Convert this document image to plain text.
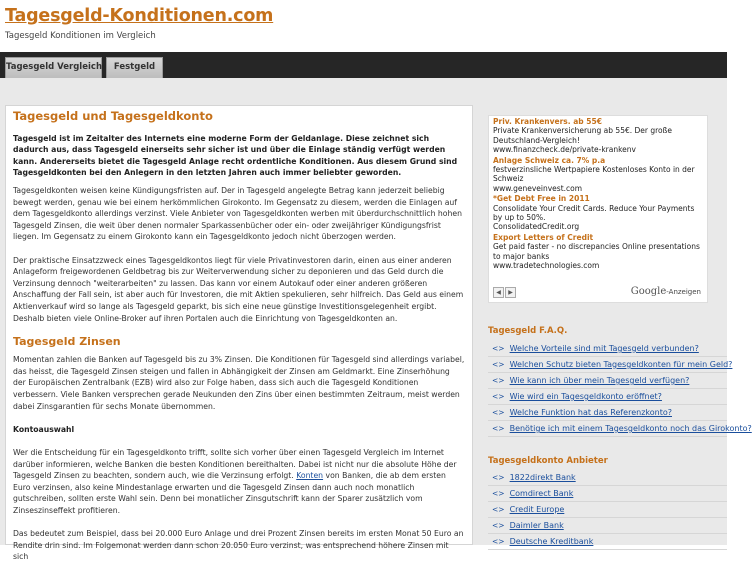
Tagesgeld-Konditionen.com
Tagesgeld Konditionen im Vergleich
Tagesgeld Vergleich	Festgeld
Tagesgeld und Tagesgeldkonto

Tagesgeld ist im Zeitalter des Internets eine moderne Form der Geldanlage. Diese zeichnet sich dadurch aus, dass Tagesgeld einerseits sehr sicher ist und über die Einlage ständig verfügt werden kann. Andererseits bietet die Tagesgeld Anlage recht ordentliche Konditionen. Aus diesem Grund sind Tagesgeldkonten bei den Anlegern in den letzten Jahren auch immer beliebter geworden.

Tagesgeldkonten weisen keine Kündigungsfristen auf. Der in Tagesgeld angelegte Betrag kann jederzeit beliebig bewegt werden, genau wie bei einem herkömmlichen Girokonto. Im Gegensatz zu diesem, werden die Einlagen auf dem Tagesgeldkonto allerdings verzinst. Viele Anbieter von Tagesgeldkonten werben mit überdurchschnittlich hohen Tagesgeld Zinsen, die weit über denen normaler Sparkassenbücher oder ein- oder zweijähriger Kündigungsfrist liegen. Im Gegensatz zu einem Girokonto kann ein Tagesgeldkonto jedoch nicht überzogen werden.

Der praktische Einsatzzweck eines Tagesgeldkontos liegt für viele Privatinvestoren darin, einen aus einer anderen Anlageform freigewordenen Geldbetrag bis zur Weiterverwendung sicher zu deponieren und das Geld durch die Verzinsung dennoch "weiterarbeiten" zu lassen. Das kann vor einem Autokauf oder einer anderen größeren Anschaffung der Fall sein, ist aber auch für Investoren, die mit Aktien spekulieren, sehr hilfreich. Das Geld aus einem Aktienverkauf wird so lange als Tagesgeld geparkt, bis sich eine neue günstige Investitionsgelegenheit ergibt. Deshalb bieten viele Online-Broker auf ihren Portalen auch die Einrichtung von Tagesgeldkonten an.

Tagesgeld Zinsen

Momentan zahlen die Banken auf Tagesgeld bis zu 3% Zinsen. Die Konditionen für Tagesgeld sind allerdings variabel, das heisst, die Tagesgeld Zinsen steigen und fallen in Abhängigkeit der Zinsen am Geldmarkt. Eine Zinserhöhung der Europäischen Zentralbank (EZB) wird also zur Folge haben, dass sich auch die Tagesgeld Konditionen verbessern. Viele Banken versprechen gerade Neukunden den Zins über einen bestimmten Zeitraum, meist werden dabei Zinsgarantien für sechs Monate übernommen.

Kontoauswahl

Wer die Entscheidung für ein Tagesgeldkonto trifft, sollte sich vorher über einen Tagesgeld Vergleich im Internet darüber informieren, welche Banken die besten Konditionen bereithalten. Dabei ist nicht nur die absolute Höhe der Tagesgeld Zinsen zu beachten, sondern auch, wie die Verzinsung erfolgt. Konten von Banken, die ab dem ersten Euro verzinsen, also keine Mindestanlage erwarten und die Tagesgeld Zinsen dann auch noch monatlich gutschreiben, sollten erste Wahl sein. Denn bei monatlicher Zinsgutschrift kann der Sparer zusätzlich vom Zinseszinseffekt profitieren.

Das bedeutet zum Beispiel, dass bei 20.000 Euro Anlage und drei Prozent Zinsen bereits im ersten Monat 50 Euro an Rendite drin sind. Im Folgemonat werden dann schon 20.050 Euro verzinst, was entsprechend höhere Zinsen mit sich

Priv. Krankenvers. ab 55€
Private Krankenversicherung ab 55€. Der große Deutschland-Vergleich!
www.finanzcheck.de/private-krankenv
Anlage Schweiz ca. 7% p.a
festverzinsliche Wertpapiere Kostenloses Konto in der Schweiz
www.geneveinvest.com
*Get Debt Free in 2011
Consolidate Your Credit Cards. Reduce Your Payments by up to 50%.
ConsolidatedCredit.org
Export Letters of Credit
Get paid faster - no discrepancies Online presentations to major banks
www.tradetechnologies.com
◀	▶	Google-Anzeigen
Tagesgeld F.A.Q.
<> Welche Vorteile sind mit Tagesgeld verbunden?
<> Welchen Schutz bieten Tagesgeldkonten für mein Geld?
<> Wie kann ich über mein Tagesgeld verfügen?
<> Wie wird ein Tagesgeldkonto eröffnet?
<> Welche Funktion hat das Referenzkonto?
<> Benötige ich mit einem Tagesgeldkonto noch das Girokonto?
Tagesgeldkonto Anbieter
<> 1822direkt Bank
<> Comdirect Bank
<> Credit Europe
<> Daimler Bank
<> Deutsche Kreditbank
